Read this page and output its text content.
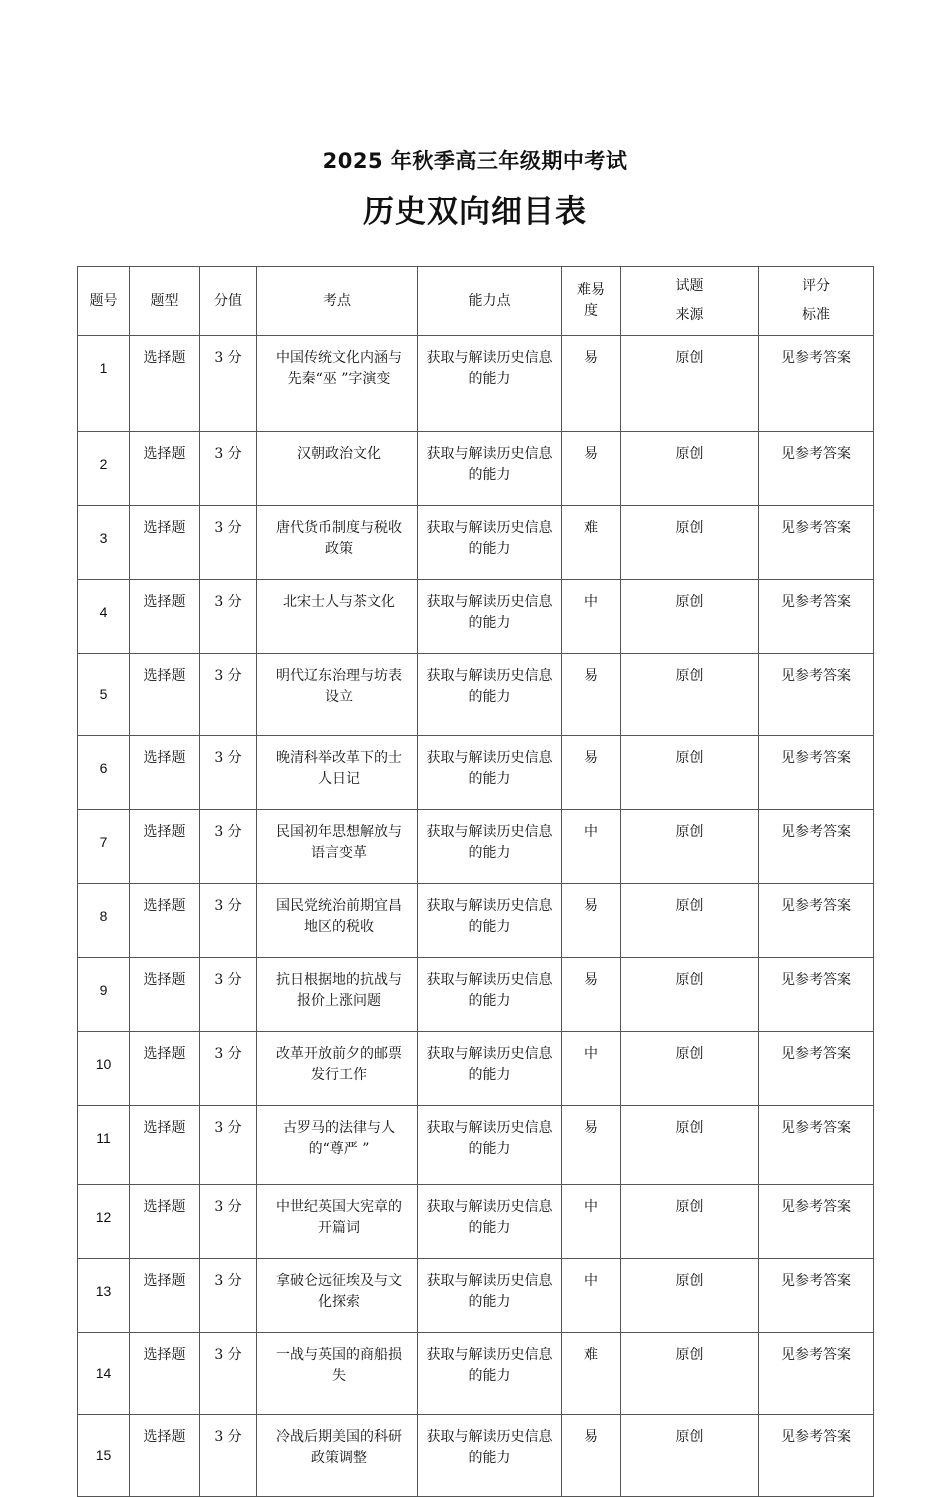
2025 年秋季高三年级期中考试
历史双向细目表
题号	题型	分值	考点	能力点	难易度	试题来源	评分标准
1	选择题	3 分	中国传统文化内涵与先秦“巫 ”字演变	获取与解读历史信息的能力	易	原创	见参考答案
2	选择题	3 分	汉朝政治文化	获取与解读历史信息的能力	易	原创	见参考答案
3	选择题	3 分	唐代货币制度与税收政策	获取与解读历史信息的能力	难	原创	见参考答案
4	选择题	3 分	北宋士人与茶文化	获取与解读历史信息的能力	中	原创	见参考答案
5	选择题	3 分	明代辽东治理与坊表设立	获取与解读历史信息的能力	易	原创	见参考答案
6	选择题	3 分	晚清科举改革下的士人日记	获取与解读历史信息的能力	易	原创	见参考答案
7	选择题	3 分	民国初年思想解放与语言变革	获取与解读历史信息的能力	中	原创	见参考答案
8	选择题	3 分	国民党统治前期宜昌地区的税收	获取与解读历史信息的能力	易	原创	见参考答案
9	选择题	3 分	抗日根据地的抗战与报价上涨问题	获取与解读历史信息的能力	易	原创	见参考答案
10	选择题	3 分	改革开放前夕的邮票发行工作	获取与解读历史信息的能力	中	原创	见参考答案
11	选择题	3 分	古罗马的法律与人的“尊严 ”	获取与解读历史信息的能力	易	原创	见参考答案
12	选择题	3 分	中世纪英国大宪章的开篇词	获取与解读历史信息的能力	中	原创	见参考答案
13	选择题	3 分	拿破仑远征埃及与文化探索	获取与解读历史信息的能力	中	原创	见参考答案
14	选择题	3 分	一战与英国的商船损失	获取与解读历史信息的能力	难	原创	见参考答案
15	选择题	3 分	冷战后期美国的科研政策调整	获取与解读历史信息的能力	易	原创	见参考答案
